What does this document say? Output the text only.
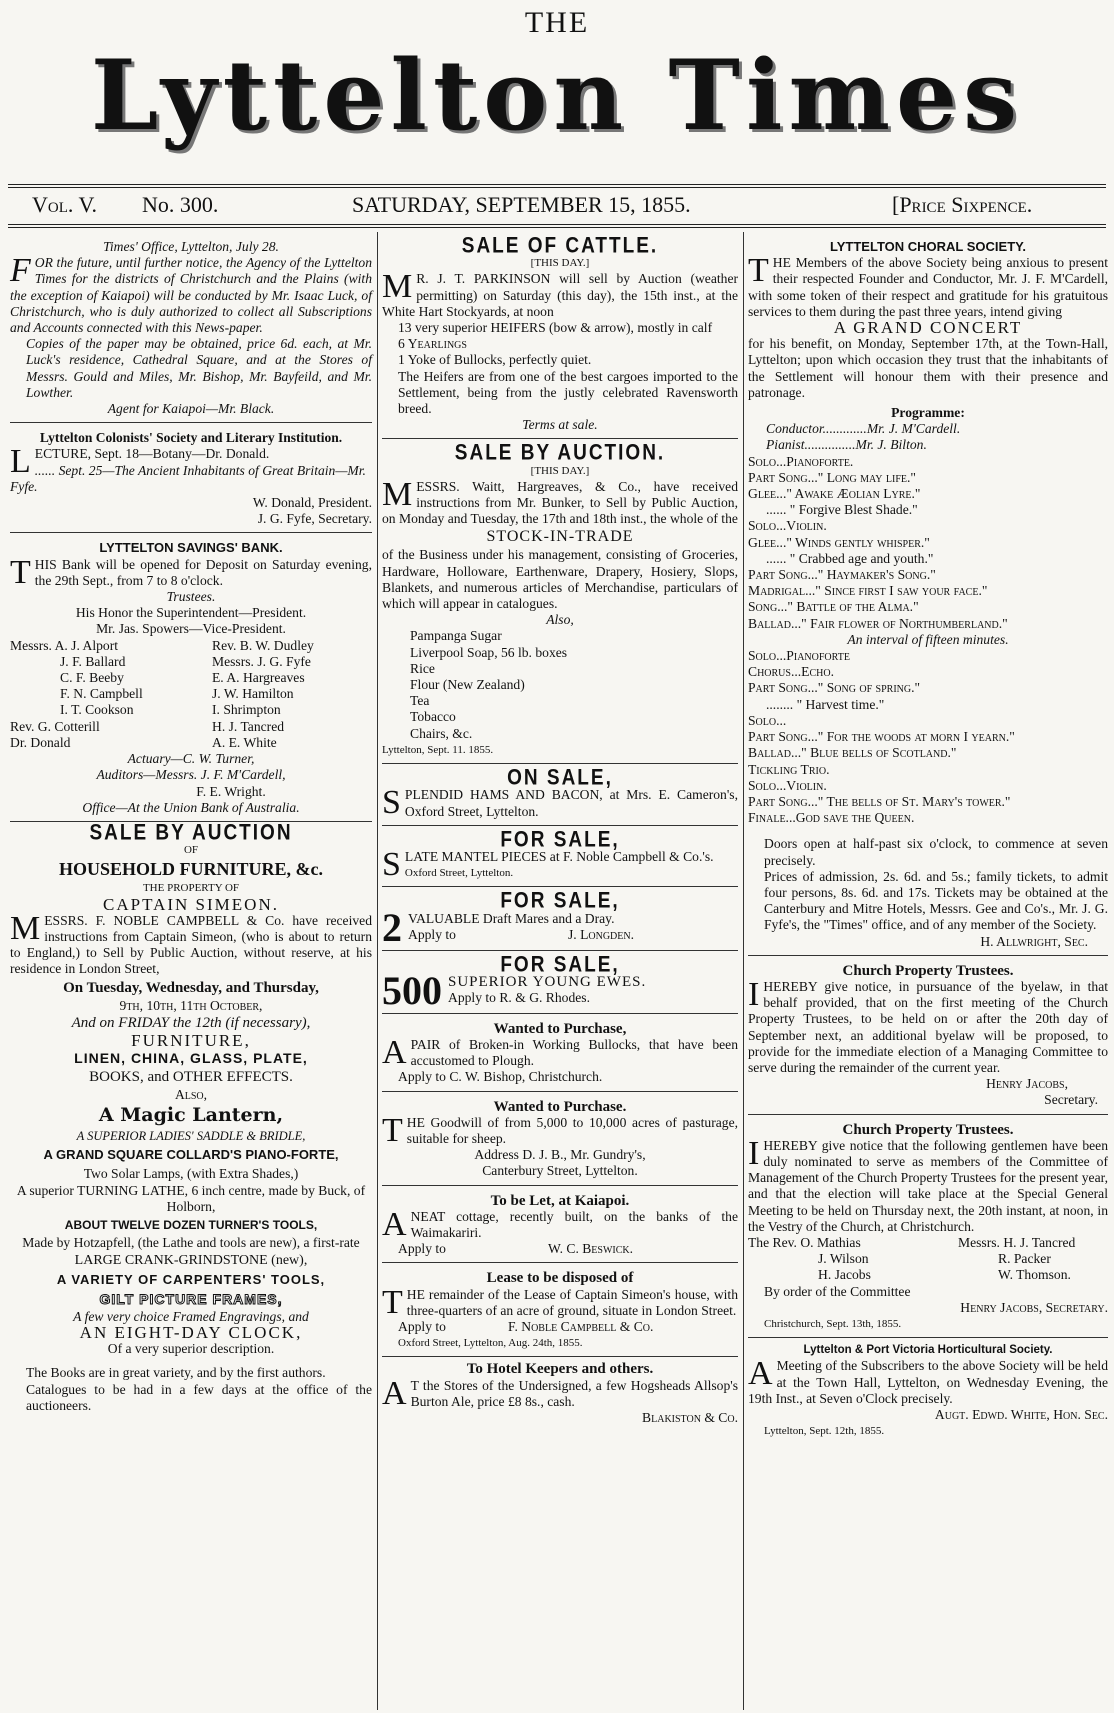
THE
Lyttelton Times
Vol. V. No. 300.	SATURDAY, SEPTEMBER 15, 1855.	[Price Sixpence.

Times' Office, Lyttelton, July 28.

FOR the future, until further notice, the Agency of the Lyttelton Times for the districts of Christchurch and the Plains (with the exception of Kaiapoi) will be conducted by Mr. Isaac Luck, of Christchurch, who is duly authorized to collect all Subscriptions and Accounts connected with this News-paper.

Copies of the paper may be obtained, price 6d. each, at Mr. Luck's residence, Cathedral Square, and at the Stores of Messrs. Gould and Miles, Mr. Bishop, Mr. Bayfeild, and Mr. Lowther.

Agent for Kaiapoi—Mr. Black.

Lyttelton Colonists' Society and Literary Institution.

LECTURE, Sept. 18—Botany—Dr. Donald.

...... Sept. 25—The Ancient Inhabitants of Great Britain—Mr. Fyfe.

W. Donald, President.

J. G. Fyfe, Secretary.

LYTTELTON SAVINGS' BANK.

THIS Bank will be opened for Deposit on Saturday evening, the 29th Sept., from 7 to 8 o'clock.

Trustees.

His Honor the Superintendent—President.

Mr. Jas. Spowers—Vice-President.

Messrs. A. J. Alport	Rev. B. W. Dudley
J. F. Ballard	Messrs. J. G. Fyfe
C. F. Beeby	E. A. Hargreaves
F. N. Campbell	J. W. Hamilton
I. T. Cookson	I. Shrimpton
Rev. G. Cotterill	H. J. Tancred
Dr. Donald	A. E. White

Actuary—C. W. Turner,

Auditors—Messrs. J. F. M'Cardell,

F. E. Wright.

Office—At the Union Bank of Australia.

SALE BY AUCTION

OF

HOUSEHOLD FURNITURE, &c.

THE PROPERTY OF

CAPTAIN SIMEON.

MESSRS. F. NOBLE CAMPBELL & Co. have received instructions from Captain Simeon, (who is about to return to England,) to Sell by Public Auction, without reserve, at his residence in London Street,

On Tuesday, Wednesday, and Thursday,

9th, 10th, 11th October,

And on FRIDAY the 12th (if necessary),

FURNITURE,

LINEN, CHINA, GLASS, PLATE,

BOOKS, and OTHER EFFECTS.

Also,

A Magic Lantern,

A SUPERIOR LADIES' SADDLE & BRIDLE,

A GRAND SQUARE COLLARD'S PIANO-FORTE,

Two Solar Lamps, (with Extra Shades,)

A superior TURNING LATHE, 6 inch centre, made by Buck, of Holborn,

ABOUT TWELVE DOZEN TURNER'S TOOLS,

Made by Hotzapfell, (the Lathe and tools are new), a first-rate

LARGE CRANK-GRINDSTONE (new),

A VARIETY OF CARPENTERS' TOOLS,

GILT PICTURE FRAMES,

A few very choice Framed Engravings, and

AN EIGHT-DAY CLOCK,

Of a very superior description.

The Books are in great variety, and by the first authors.

Catalogues to be had in a few days at the office of the auctioneers.

SALE OF CATTLE.

[THIS DAY.]

M R. J. T. PARKINSON will sell by Auction (weather permitting) on Saturday (this day), the 15th inst., at the White Hart Stockyards, at noon

13 very superior HEIFERS (bow & arrow), mostly in calf

6 Yearlings

1 Yoke of Bullocks, perfectly quiet.

The Heifers are from one of the best cargoes imported to the Settlement, being from the justly celebrated Ravensworth breed.

Terms at sale.

SALE BY AUCTION.

[THIS DAY.]

MESSRS. Waitt, Hargreaves, & Co., have received instructions from Mr. Bunker, to Sell by Public Auction, on Monday and Tuesday, the 17th and 18th inst., the whole of the

STOCK-IN-TRADE

of the Business under his management, consisting of Groceries, Hardware, Holloware, Earthenware, Drapery, Hosiery, Slops, Blankets, and numerous articles of Merchandise, particulars of which will appear in catalogues.

Also,

Pampanga Sugar

Liverpool Soap, 56 lb. boxes

Rice

Flour (New Zealand)

Tea

Tobacco

Chairs, &c.

Lyttelton, Sept. 11. 1855.

ON SALE,

SPLENDID HAMS AND BACON, at Mrs. E. Cameron's, Oxford Street, Lyttelton.

FOR SALE,

SLATE MANTEL PIECES at F. Noble Campbell & Co.'s.

Oxford Street, Lyttelton.

FOR SALE,

2 VALUABLE Draft Mares and a Dray.

Apply to	J. Longden.

FOR SALE,

500 SUPERIOR YOUNG EWES.

Apply to R. & G. Rhodes.

Wanted to Purchase,

APAIR of Broken-in Working Bullocks, that have been accustomed to Plough.

Apply to C. W. Bishop, Christchurch.

Wanted to Purchase.

THE Goodwill of from 5,000 to 10,000 acres of pasturage, suitable for sheep.

Address D. J. B., Mr. Gundry's,

Canterbury Street, Lyttelton.

To be Let, at Kaiapoi.

ANEAT cottage, recently built, on the banks of the Waimakariri.

Apply to	W. C. Beswick.

Lease to be disposed of

THE remainder of the Lease of Captain Simeon's house, with three-quarters of an acre of ground, situate in London Street.

Apply to	F. Noble Campbell & Co.

Oxford Street, Lyttelton, Aug. 24th, 1855.

To Hotel Keepers and others.

A T the Stores of the Undersigned, a few Hogsheads Allsop's Burton Ale, price £8 8s., cash.

Blakiston & Co.

LYTTELTON CHORAL SOCIETY.

THE Members of the above Society being anxious to present their respected Founder and Conductor, Mr. J. F. M'Cardell, with some token of their respect and gratitude for his gratuitous services to them during the past three years, intend giving

A GRAND CONCERT

for his benefit, on Monday, September 17th, at the Town-Hall, Lyttelton; upon which occasion they trust that the inhabitants of the Settlement will honour them with their presence and patronage.

Programme:

Conductor.............Mr. J. M'Cardell.

Pianist...............Mr. J. Bilton.

Solo...Pianoforte.

Part Song..." Long may life."

Glee..." Awake Æolian Lyre."

...... " Forgive Blest Shade."

Solo...Violin.

Glee..." Winds gently whisper."

...... " Crabbed age and youth."

Part Song..." Haymaker's Song."

Madrigal..." Since first I saw your face."

Song..." Battle of the Alma."

Ballad..." Fair flower of Northumberland."

An interval of fifteen minutes.

Solo...Pianoforte

Chorus...Echo.

Part Song..." Song of spring."

........ " Harvest time."

Solo...

Part Song..." For the woods at morn I yearn."

Ballad..." Blue bells of Scotland."

Tickling Trio.

Solo...Violin.

Part Song..." The bells of St. Mary's tower."

Finale...God save the Queen.

Doors open at half-past six o'clock, to commence at seven precisely.

Prices of admission, 2s. 6d. and 5s.; family tickets, to admit four persons, 8s. 6d. and 17s. Tickets may be obtained at the Canterbury and Mitre Hotels, Messrs. Gee and Co's., Mr. J. G. Fyfe's, the "Times" office, and of any member of the Society.

H. Allwright, Sec.

Church Property Trustees.

IHEREBY give notice, in pursuance of the byelaw, in that behalf provided, that on the first meeting of the Church Property Trustees, to be held on or after the 20th day of September next, an additional byelaw will be proposed, to provide for the immediate election of a Managing Committee to serve during the remainder of the current year.

Henry Jacobs,

Secretary.

Church Property Trustees.

IHEREBY give notice that the following gentlemen have been duly nominated to serve as members of the Committee of Management of the Church Property Trustees for the present year, and that the election will take place at the Special General Meeting to be held on Thursday next, the 20th instant, at noon, in the Vestry of the Church, at Christchurch.

The Rev. O. Mathias	Messrs. H. J. Tancred
J. Wilson	R. Packer
H. Jacobs	W. Thomson.

By order of the Committee

Henry Jacobs, Secretary.

Christchurch, Sept. 13th, 1855.

Lyttelton & Port Victoria Horticultural Society.

A Meeting of the Subscribers to the above Society will be held at the Town Hall, Lyttelton, on Wednesday Evening, the 19th Inst., at Seven o'Clock precisely.

Augt. Edwd. White, Hon. Sec.

Lyttelton, Sept. 12th, 1855.
